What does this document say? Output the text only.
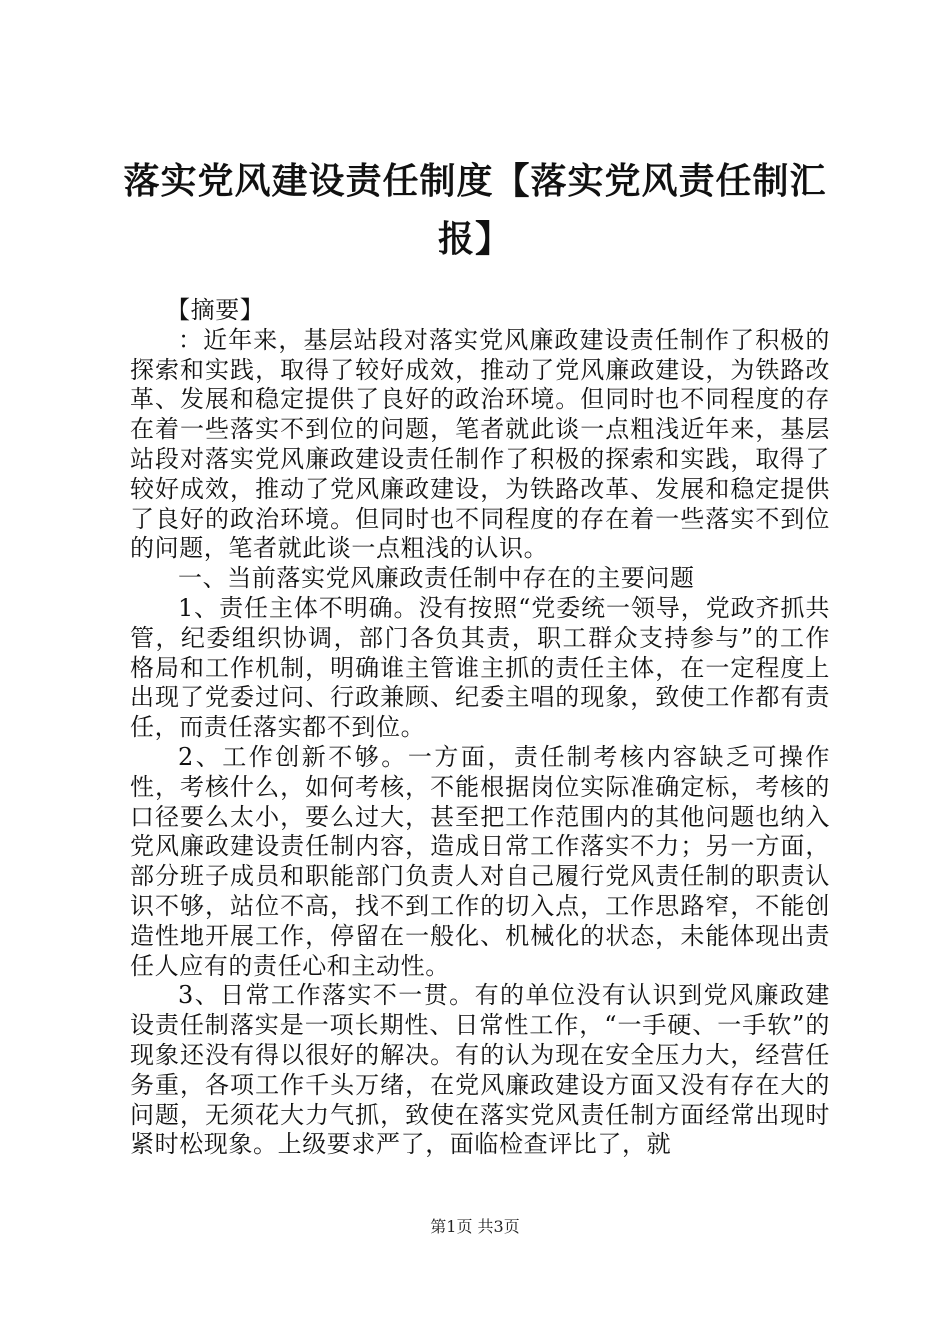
落实党风建设责任制度【落实党风责任制汇报】

【摘要】

：近年来，基层站段对落实党风廉政建设责任制作了积极的探索和实践，取得了较好成效，推动了党风廉政建设，为铁路改革、发展和稳定提供了良好的政治环境。但同时也不同程度的存在着一些落实不到位的问题，笔者就此谈一点粗浅近年来，基层站段对落实党风廉政建设责任制作了积极的探索和实践，取得了较好成效，推动了党风廉政建设，为铁路改革、发展和稳定提供了良好的政治环境。但同时也不同程度的存在着一些落实不到位的问题，笔者就此谈一点粗浅的认识。

一、当前落实党风廉政责任制中存在的主要问题

1、责任主体不明确。没有按照“党委统一领导，党政齐抓共管，纪委组织协调，部门各负其责，职工群众支持参与”的工作格局和工作机制，明确谁主管谁主抓的责任主体，在一定程度上出现了党委过问、行政兼顾、纪委主唱的现象，致使工作都有责任，而责任落实都不到位。

2、工作创新不够。一方面，责任制考核内容缺乏可操作性，考核什么，如何考核，不能根据岗位实际准确定标，考核的口径要么太小，要么过大，甚至把工作范围内的其他问题也纳入党风廉政建设责任制内容，造成日常工作落实不力；另一方面，部分班子成员和职能部门负责人对自己履行党风责任制的职责认识不够，站位不高，找不到工作的切入点，工作思路窄，不能创造性地开展工作，停留在一般化、机械化的状态，未能体现出责任人应有的责任心和主动性。

3、日常工作落实不一贯。有的单位没有认识到党风廉政建设责任制落实是一项长期性、日常性工作，“一手硬、一手软”的现象还没有得以很好的解决。有的认为现在安全压力大，经营任务重，各项工作千头万绪，在党风廉政建设方面又没有存在大的问题，无须花大力气抓，致使在落实党风责任制方面经常出现时紧时松现象。上级要求严了，面临检查评比了，就

第1页 共3页
